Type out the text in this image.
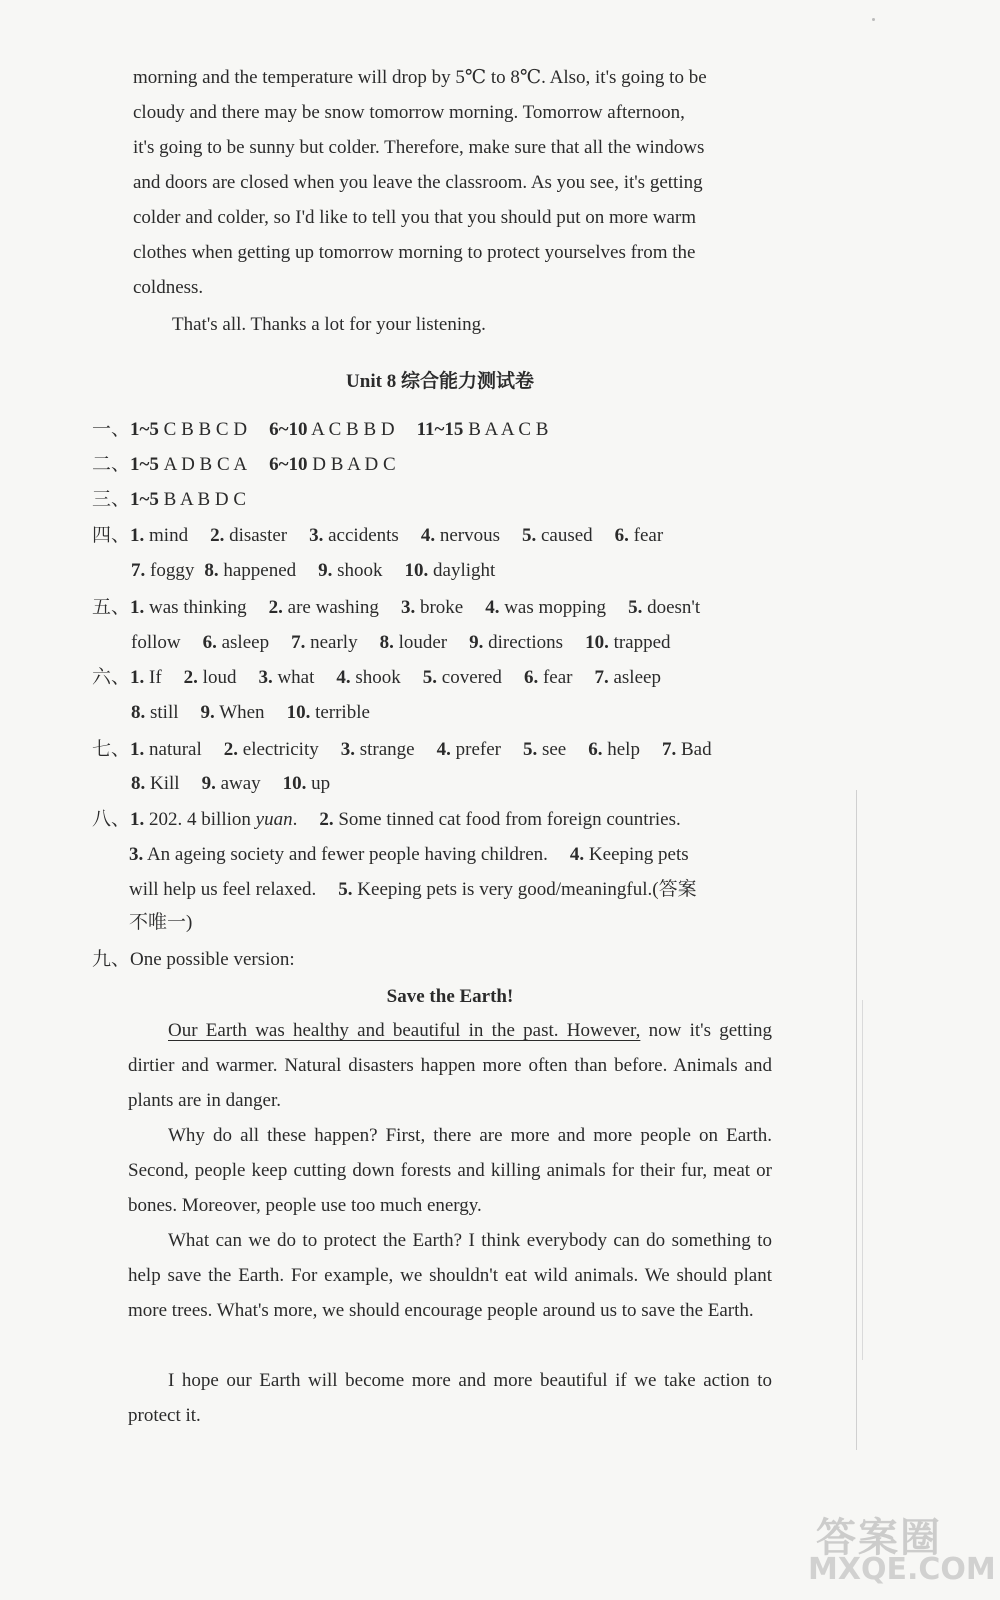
morning and the temperature will drop by 5℃ to 8℃. Also, it's going to be
cloudy and there may be snow tomorrow morning. Tomorrow afternoon,
it's going to be sunny but colder. Therefore, make sure that all the windows
and doors are closed when you leave the classroom. As you see, it's getting
colder and colder, so I'd like to tell you that you should put on more warm
clothes when getting up tomorrow morning to protect yourselves from the
coldness.
That's all. Thanks a lot for your listening.
Unit 8 综合能力测试卷
一、1~5 C B B C D 6~10 A C B B D 11~15 B A A C B
二、1~5 A D B C A 6~10 D B A D C
三、1~5 B A B D C
四、1. mind 2. disaster 3. accidents 4. nervous 5. caused 6. fear
7. foggy 8. happened 9. shook 10. daylight
五、1. was thinking 2. are washing 3. broke 4. was mopping 5. doesn't
follow 6. asleep 7. nearly 8. louder 9. directions 10. trapped
六、1. If 2. loud 3. what 4. shook 5. covered 6. fear 7. asleep
8. still 9. When 10. terrible
七、1. natural 2. electricity 3. strange 4. prefer 5. see 6. help 7. Bad
8. Kill 9. away 10. up
八、1. 202. 4 billion yuan. 2. Some tinned cat food from foreign countries.
3. An ageing society and fewer people having children. 4. Keeping pets
will help us feel relaxed. 5. Keeping pets is very good/meaningful.(答案
不唯一)
九、One possible version:
Save the Earth!
Our Earth was healthy and beautiful in the past. However, now it's getting dirtier and warmer. Natural disasters happen more often than before. Animals and plants are in danger.
Why do all these happen? First, there are more and more people on Earth. Second, people keep cutting down forests and killing animals for their fur, meat or bones. Moreover, people use too much energy.
What can we do to protect the Earth? I think everybody can do something to help save the Earth. For example, we shouldn't eat wild animals. We should plant more trees. What's more, we should encourage people around us to save the Earth.
I hope our Earth will become more and more beautiful if we take action to protect it.
答案圈
MXQE.COM
